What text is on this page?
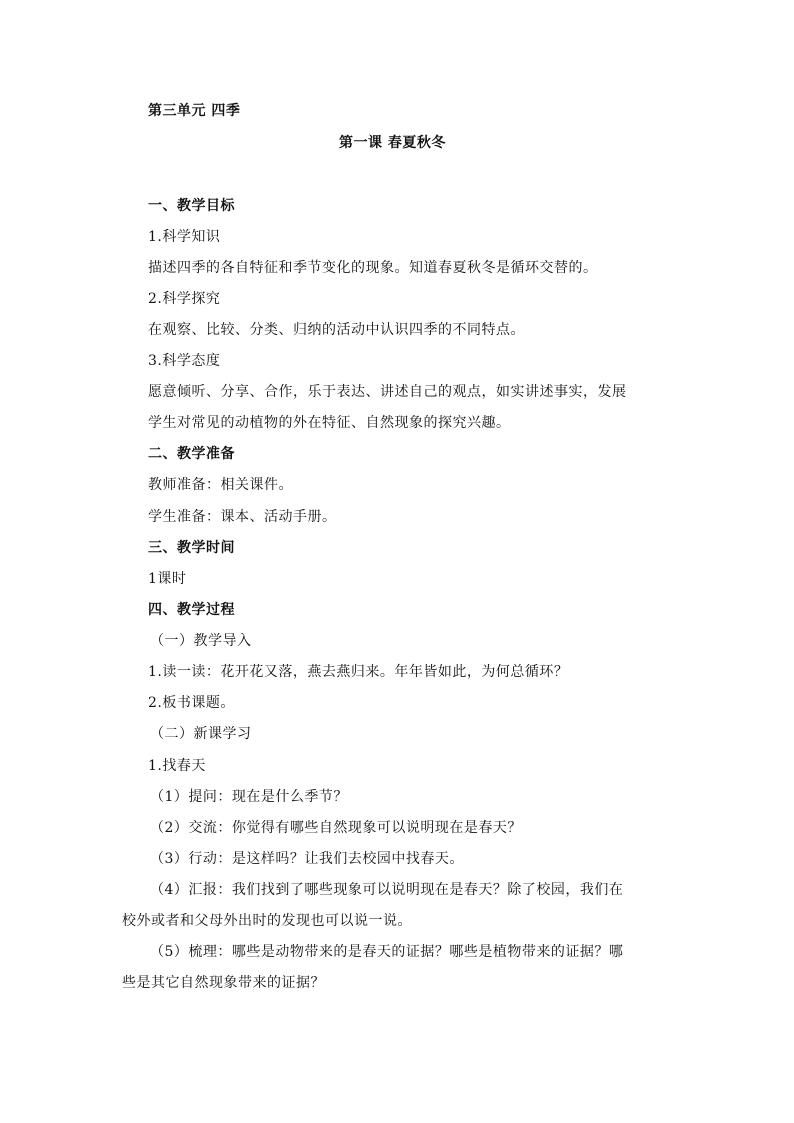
第三单元 四季
第一课 春夏秋冬
一、教学目标
1.科学知识
描述四季的各自特征和季节变化的现象。知道春夏秋冬是循环交替的。
2.科学探究
在观察、比较、分类、归纳的活动中认识四季的不同特点。
3.科学态度
愿意倾听、分享、合作，乐于表达、讲述自己的观点，如实讲述事实，发展
学生对常见的动植物的外在特征、自然现象的探究兴趣。
二、教学准备
教师准备：相关课件。
学生准备：课本、活动手册。
三、教学时间
1课时
四、教学过程
（一）教学导入
1.读一读：花开花又落，燕去燕归来。年年皆如此，为何总循环？
2.板书课题。
（二）新课学习
1.找春天
（1）提问：现在是什么季节？
（2）交流：你觉得有哪些自然现象可以说明现在是春天？
（3）行动：是这样吗？让我们去校园中找春天。
（4）汇报：我们找到了哪些现象可以说明现在是春天？除了校园，我们在
校外或者和父母外出时的发现也可以说一说。
（5）梳理：哪些是动物带来的是春天的证据？哪些是植物带来的证据？哪
些是其它自然现象带来的证据？
